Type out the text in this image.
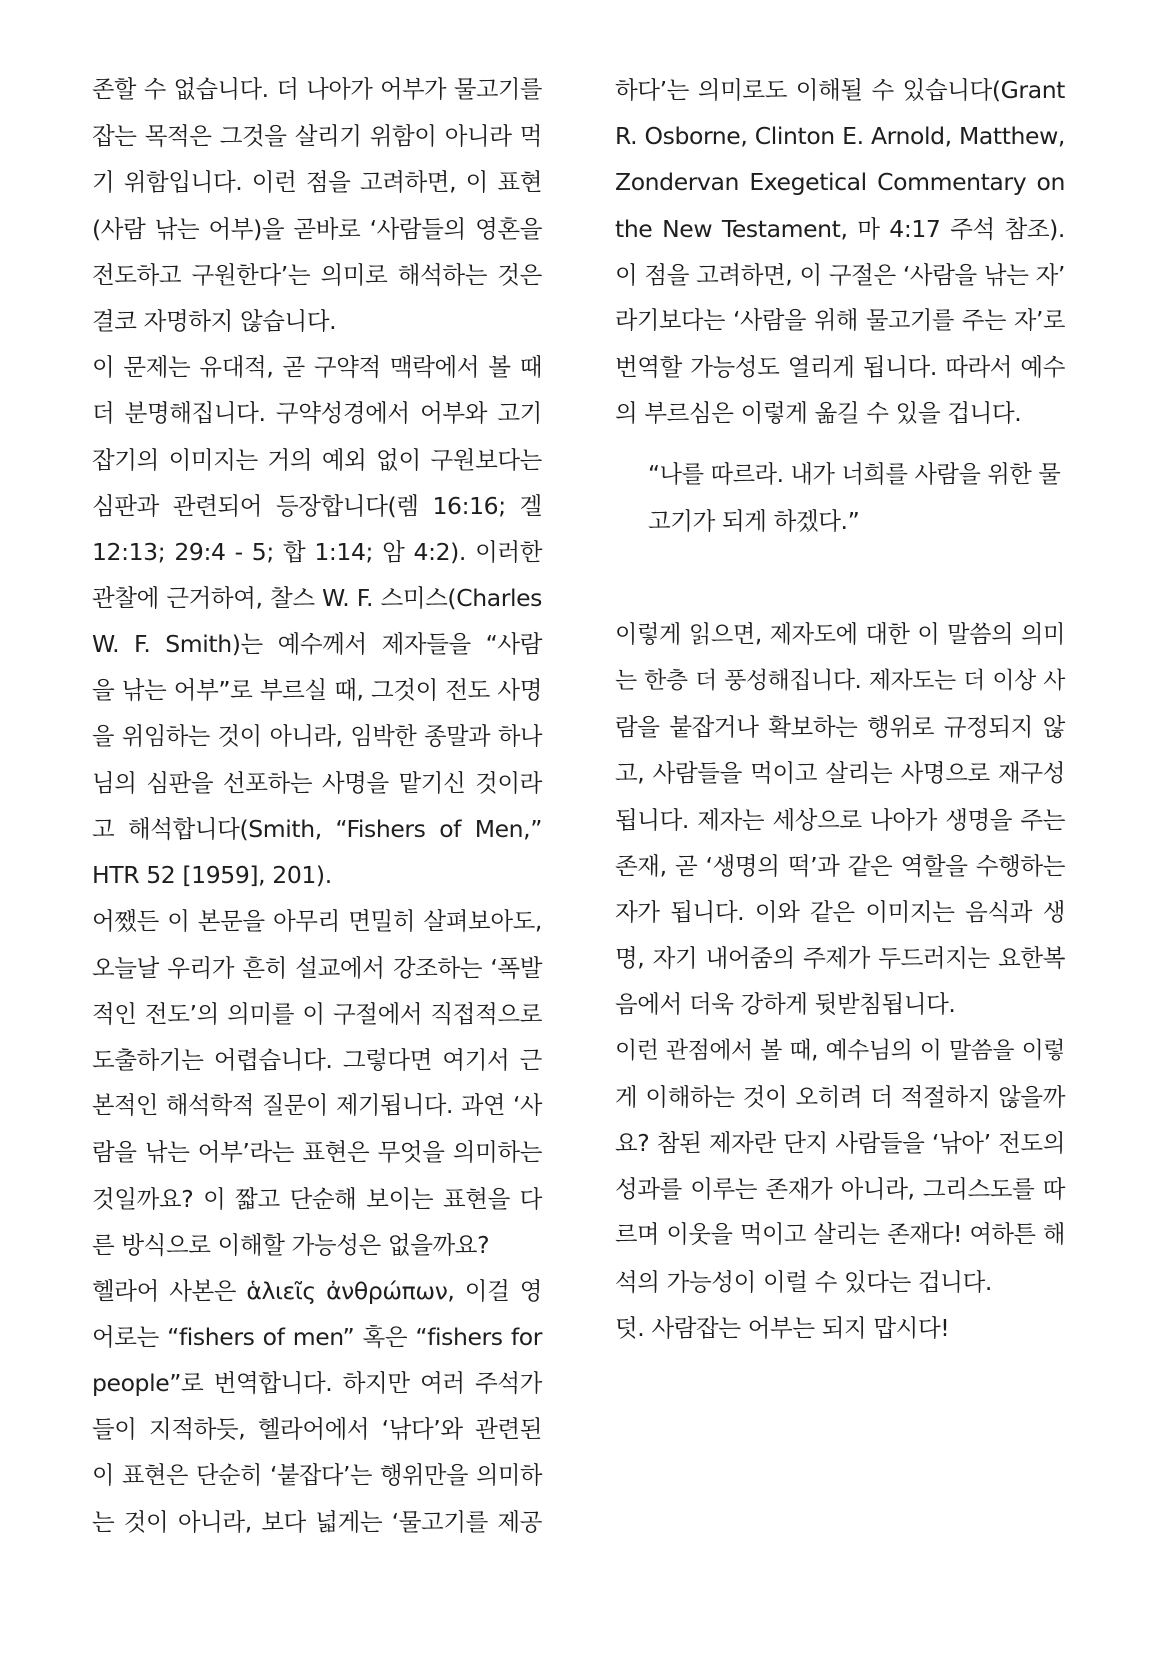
존할 수 없습니다. 더 나아가 어부가 물고기를
잡는 목적은 그것을 살리기 위함이 아니라 먹
기 위함입니다. 이런 점을 고려하면, 이 표현
(사람 낚는 어부)을 곧바로 ‘사람들의 영혼을
전도하고 구원한다’는 의미로 해석하는 것은
결코 자명하지 않습니다.

이 문제는 유대적, 곧 구약적 맥락에서 볼 때
더 분명해집니다. 구약성경에서 어부와 고기
잡기의 이미지는 거의 예외 없이 구원보다는
심판과 관련되어 등장합니다(렘 16:16; 겔
12:13; 29:4 - 5; 합 1:14; 암 4:2). 이러한
관찰에 근거하여, 찰스 W. F. 스미스(Charles
W. F. Smith)는 예수께서 제자들을 “사람
을 낚는 어부”로 부르실 때, 그것이 전도 사명
을 위임하는 것이 아니라, 임박한 종말과 하나
님의 심판을 선포하는 사명을 맡기신 것이라
고 해석합니다(Smith, “Fishers of Men,”
HTR 52 [1959], 201).

어쨌든 이 본문을 아무리 면밀히 살펴보아도,
오늘날 우리가 흔히 설교에서 강조하는 ‘폭발
적인 전도’의 의미를 이 구절에서 직접적으로
도출하기는 어렵습니다. 그렇다면 여기서 근
본적인 해석학적 질문이 제기됩니다. 과연 ‘사
람을 낚는 어부’라는 표현은 무엇을 의미하는
것일까요? 이 짧고 단순해 보이는 표현을 다
른 방식으로 이해할 가능성은 없을까요?

헬라어 사본은 ἁλιεῖς ἀνθρώπων, 이걸 영
어로는 “fishers of men” 혹은 “fishers for
people”로 번역합니다. 하지만 여러 주석가
들이 지적하듯, 헬라어에서 ‘낚다’와 관련된
이 표현은 단순히 ‘붙잡다’는 행위만을 의미하
는 것이 아니라, 보다 넓게는 ‘물고기를 제공

하다’는 의미로도 이해될 수 있습니다(Grant
R. Osborne, Clinton E. Arnold, Matthew,
Zondervan Exegetical Commentary on
the New Testament, 마 4:17 주석 참조).
이 점을 고려하면, 이 구절은 ‘사람을 낚는 자’
라기보다는 ‘사람을 위해 물고기를 주는 자’로
번역할 가능성도 열리게 됩니다. 따라서 예수
의 부르심은 이렇게 옮길 수 있을 겁니다.

“나를 따르라. 내가 너희를 사람을 위한 물
고기가 되게 하겠다.”

이렇게 읽으면, 제자도에 대한 이 말씀의 의미
는 한층 더 풍성해집니다. 제자도는 더 이상 사
람을 붙잡거나 확보하는 행위로 규정되지 않
고, 사람들을 먹이고 살리는 사명으로 재구성
됩니다. 제자는 세상으로 나아가 생명을 주는
존재, 곧 ‘생명의 떡’과 같은 역할을 수행하는
자가 됩니다. 이와 같은 이미지는 음식과 생
명, 자기 내어줌의 주제가 두드러지는 요한복
음에서 더욱 강하게 뒷받침됩니다.

이런 관점에서 볼 때, 예수님의 이 말씀을 이렇
게 이해하는 것이 오히려 더 적절하지 않을까
요? 참된 제자란 단지 사람들을 ‘낚아’ 전도의
성과를 이루는 존재가 아니라, 그리스도를 따
르며 이웃을 먹이고 살리는 존재다! 여하튼 해
석의 가능성이 이럴 수 있다는 겁니다.

덧. 사람잡는 어부는 되지 맙시다!
